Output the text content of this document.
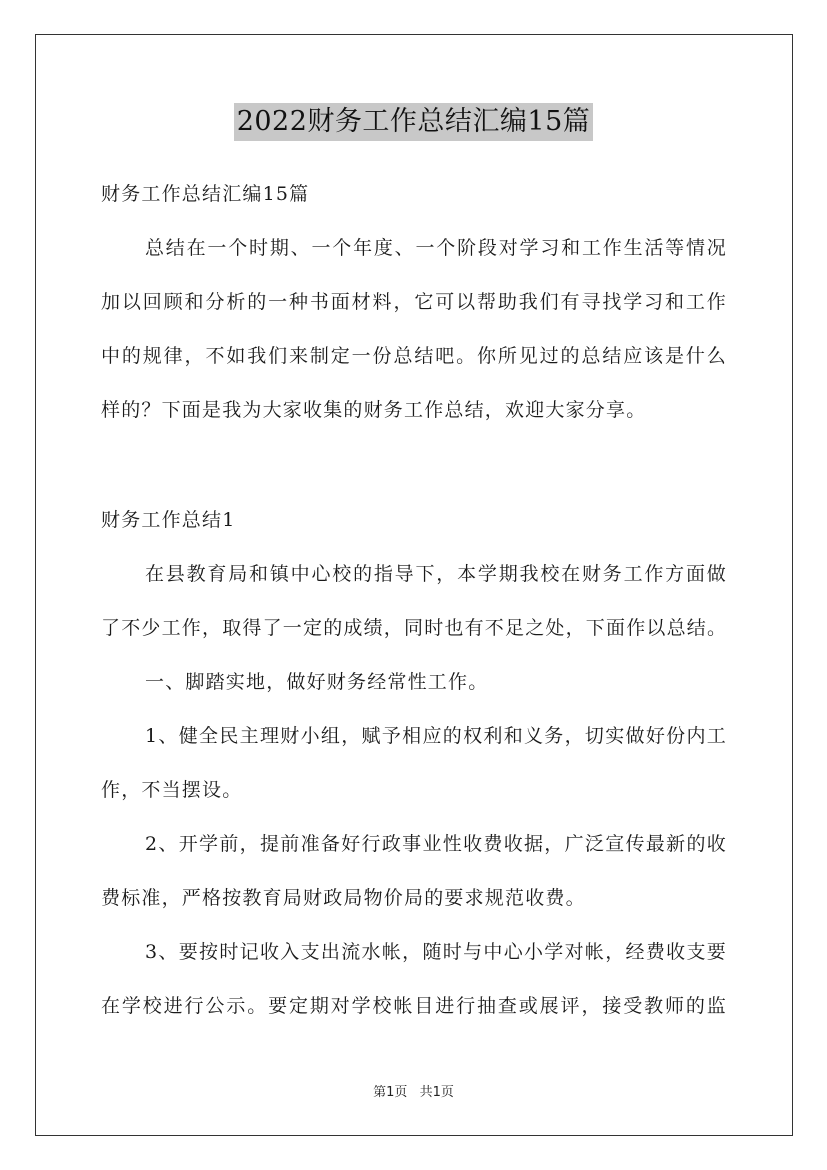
2022财务工作总结汇编15篇
财务工作总结汇编15篇
总结在一个时期、一个年度、一个阶段对学习和工作生活等情况
加以回顾和分析的一种书面材料，它可以帮助我们有寻找学习和工作
中的规律，不如我们来制定一份总结吧。你所见过的总结应该是什么
样的？下面是我为大家收集的财务工作总结，欢迎大家分享。
财务工作总结1
在县教育局和镇中心校的指导下，本学期我校在财务工作方面做
了不少工作，取得了一定的成绩，同时也有不足之处，下面作以总结。
一、脚踏实地，做好财务经常性工作。
1、健全民主理财小组，赋予相应的权利和义务，切实做好份内工
作，不当摆设。
2、开学前，提前准备好行政事业性收费收据，广泛宣传最新的收
费标准，严格按教育局财政局物价局的要求规范收费。
3、要按时记收入支出流水帐，随时与中心小学对帐，经费收支要
在学校进行公示。要定期对学校帐目进行抽查或展评，接受教师的监
第1页 共1页
